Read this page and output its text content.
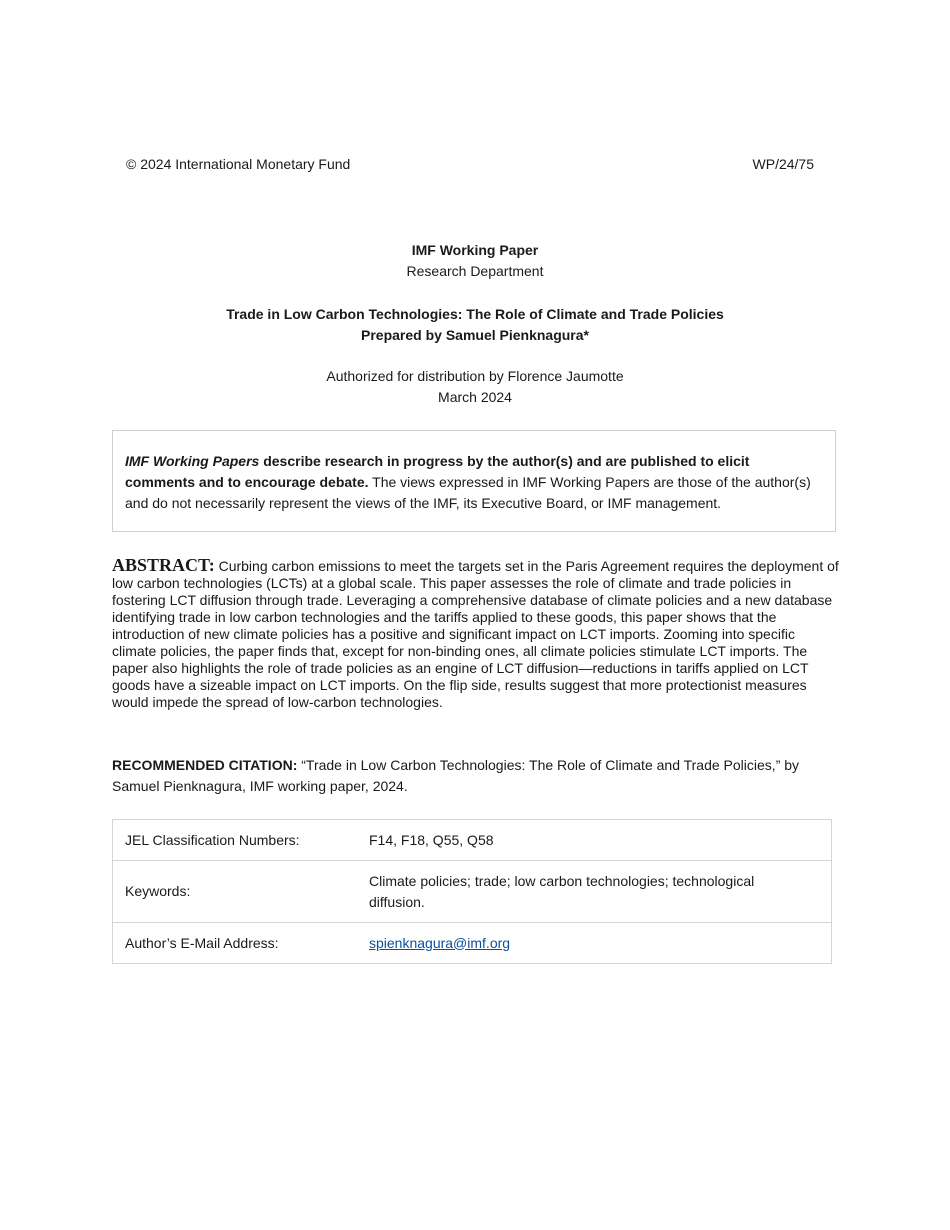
© 2024 International Monetary Fund	WP/24/75
IMF Working Paper
Research Department
Trade in Low Carbon Technologies: The Role of Climate and Trade Policies
Prepared by Samuel Pienknagura*
Authorized for distribution by Florence Jaumotte
March 2024
IMF Working Papers describe research in progress by the author(s) and are published to elicit comments and to encourage debate. The views expressed in IMF Working Papers are those of the author(s) and do not necessarily represent the views of the IMF, its Executive Board, or IMF management.
ABSTRACT: Curbing carbon emissions to meet the targets set in the Paris Agreement requires the deployment of low carbon technologies (LCTs) at a global scale. This paper assesses the role of climate and trade policies in fostering LCT diffusion through trade. Leveraging a comprehensive database of climate policies and a new database identifying trade in low carbon technologies and the tariffs applied to these goods, this paper shows that the introduction of new climate policies has a positive and significant impact on LCT imports. Zooming into specific climate policies, the paper finds that, except for non-binding ones, all climate policies stimulate LCT imports. The paper also highlights the role of trade policies as an engine of LCT diffusion—reductions in tariffs applied on LCT goods have a sizeable impact on LCT imports. On the flip side, results suggest that more protectionist measures would impede the spread of low-carbon technologies.
RECOMMENDED CITATION: “Trade in Low Carbon Technologies: The Role of Climate and Trade Policies,” by Samuel Pienknagura, IMF working paper, 2024.
JEL Classification Numbers:	F14, F18, Q55, Q58
Keywords:	Climate policies; trade; low carbon technologies; technological diffusion.
Author’s E-Mail Address:	spienknagura@imf.org
